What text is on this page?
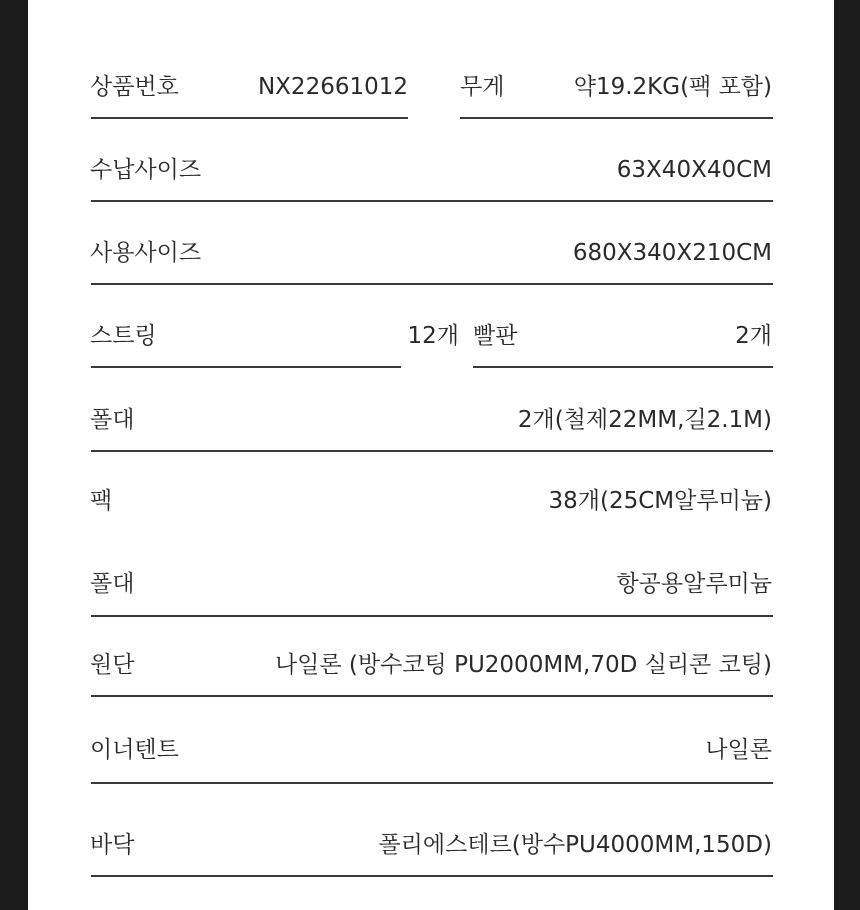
상품번호	NX22661012 무게	약19.2KG(팩 포함)
수납사이즈	63X40X40CM
사용사이즈	680X340X210CM
스트링	12개 빨판	2개
폴대	2개(철제22MM,길2.1M)
팩	38개(25CM알루미늄)
폴대	항공용알루미늄
원단	나일론 (방수코팅 PU2000MM,70D 실리콘 코팅)
이너텐트	나일론
바닥	폴리에스테르(방수PU4000MM,150D)
